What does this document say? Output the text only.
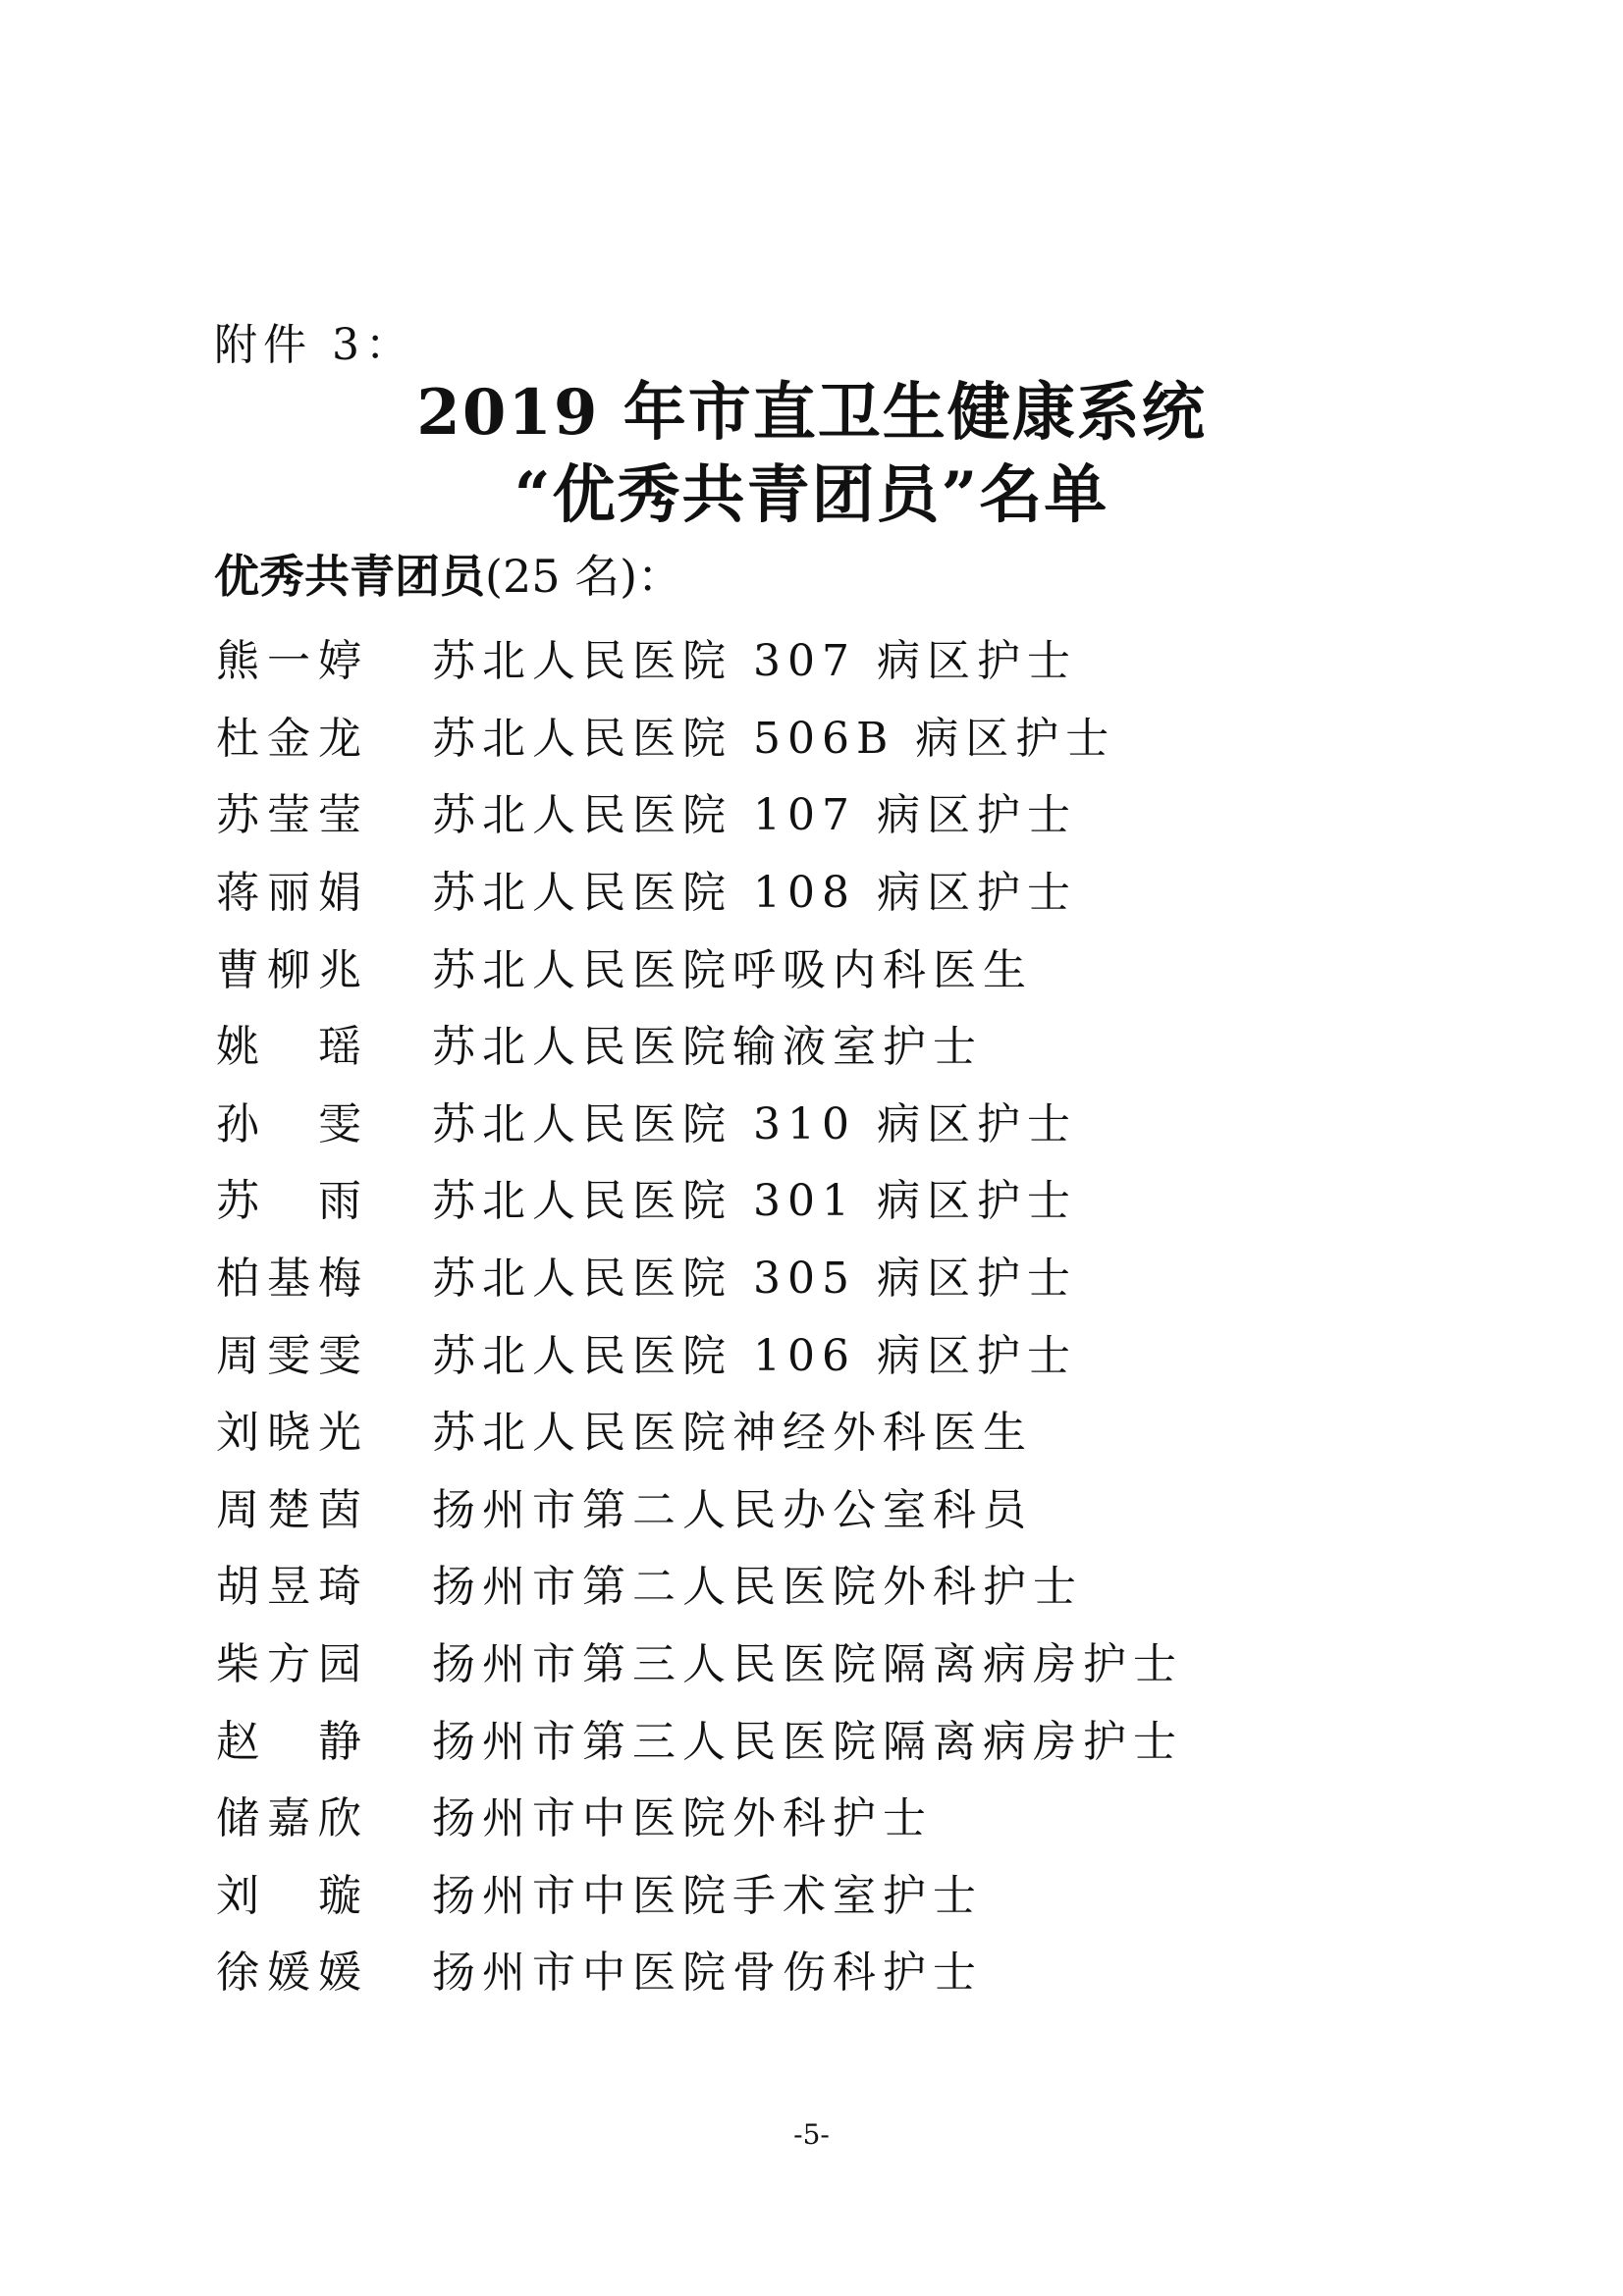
附件 3：
2019 年市直卫生健康系统
“优秀共青团员”名单
优秀共青团员(25 名)：
熊一婷	苏北人民医院 307 病区护士
杜金龙	苏北人民医院 506B 病区护士
苏莹莹	苏北人民医院 107 病区护士
蒋丽娟	苏北人民医院 108 病区护士
曹柳兆	苏北人民医院呼吸内科医生
姚　瑶	苏北人民医院输液室护士
孙　雯	苏北人民医院 310 病区护士
苏　雨	苏北人民医院 301 病区护士
柏基梅	苏北人民医院 305 病区护士
周雯雯	苏北人民医院 106 病区护士
刘晓光	苏北人民医院神经外科医生
周楚茵	扬州市第二人民办公室科员
胡昱琦	扬州市第二人民医院外科护士
柴方园	扬州市第三人民医院隔离病房护士
赵　静	扬州市第三人民医院隔离病房护士
储嘉欣	扬州市中医院外科护士
刘　璇	扬州市中医院手术室护士
徐媛媛	扬州市中医院骨伤科护士
-5-
